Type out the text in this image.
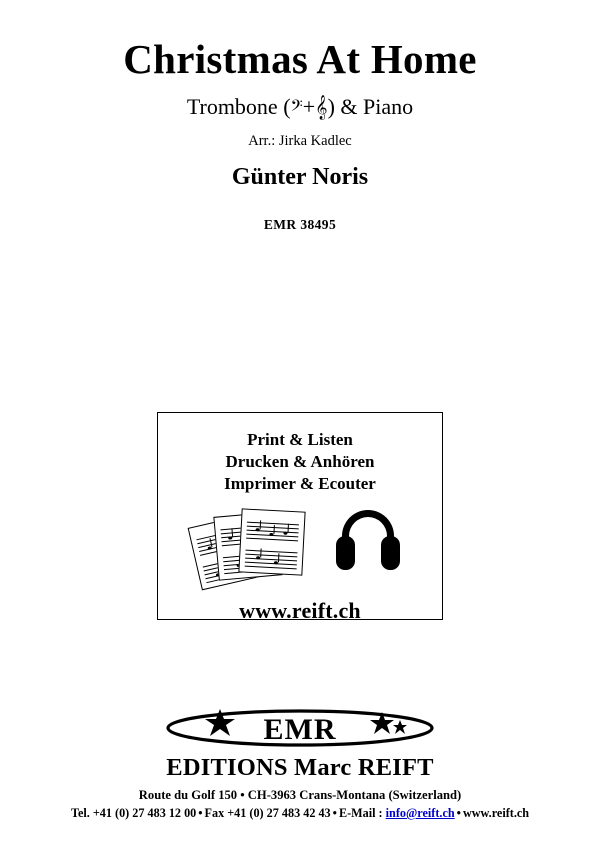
Christmas At Home
Trombone ( 𝄢 + 𝄞 ) & Piano
Arr.: Jirka Kadlec
Günter Noris
EMR 38495
Print & Listen
Drucken & Anhören
Imprimer & Ecouter
www.reift.ch
EMR
EDITIONS Marc REIFT
Route du Golf 150 • CH-3963 Crans-Montana (Switzerland)
Tel. +41 (0) 27 483 12 00 • Fax +41 (0) 27 483 42 43 • E-Mail : info@reift.ch • www.reift.ch
